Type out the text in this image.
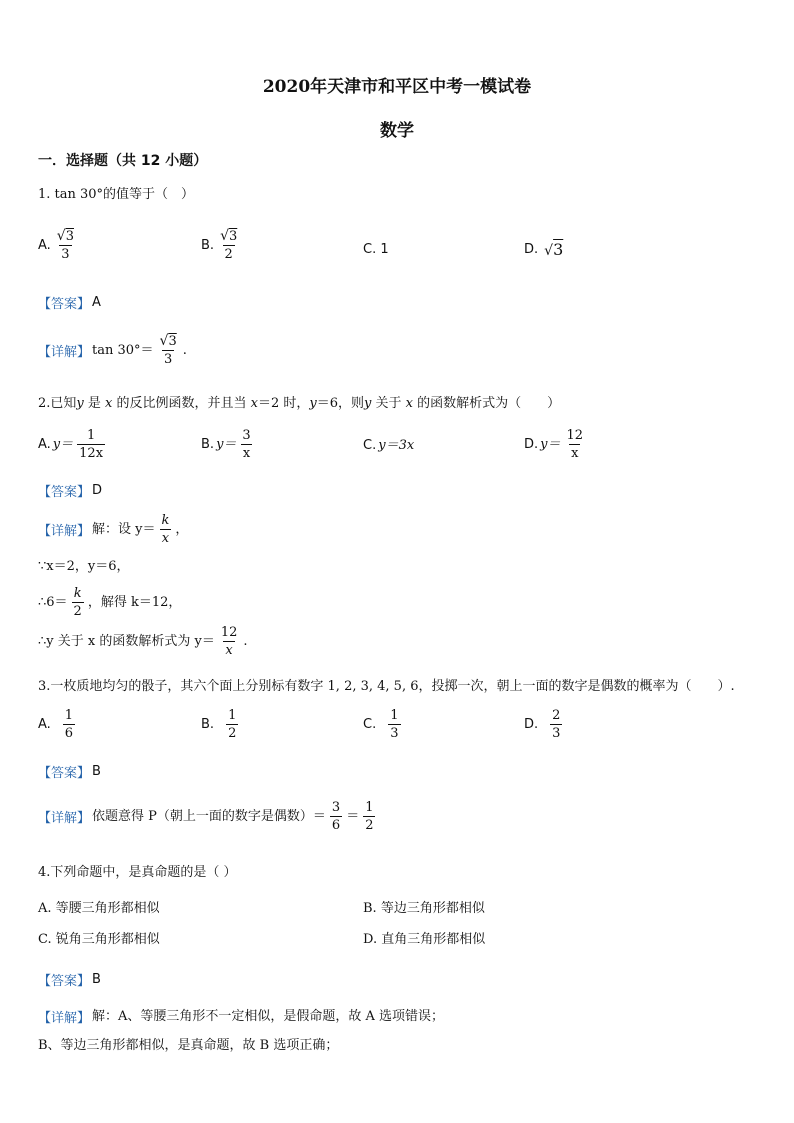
2020年天津市和平区中考一模试卷
数学
一．选择题（共 12 小题）
1. tan 30°的值等于（　）
A. $\frac{√3}{3}$	B. $\frac{√3}{2}$	C. 1	D. √3
【答案】 A
【详解】 $\tan 30^\circ= \frac{√3}{3}$ .
2.已知y 是 x 的反比例函数，并且当 x＝2 时，y＝6，则y 关于 x 的函数解析式为（　　）
A. $y= \frac{1}{12x}$	B. $y= \frac{3}{x}$	C. y＝3x	D. $y= \frac{12}{x}$
【答案】 D
【详解】 解：设 $y= \frac{k}{x}$ ，
∵x＝2，y＝6，
∴6＝ $\frac{k}{2}$ ，解得 k＝12，
∴y 关于 x 的函数解析式为 $y= \frac{12}{x}$ .
3.一枚质地均匀的骰子，其六个面上分别标有数字 1, 2, 3, 4, 5, 6，投掷一次，朝上一面的数字是偶数的概率为（　　）.
A. $\frac{1}{6}$	B. $\frac{1}{2}$	C. $\frac{1}{3}$	D. $\frac{2}{3}$
【答案】 B
【详解】 依题意得 P（朝上一面的数字是偶数）＝ $\frac{3}{6} = \frac{1}{2}$
4.下列命题中，是真命题的是（ ）
A. 等腰三角形都相似	B. 等边三角形都相似
C. 锐角三角形都相似	D. 直角三角形都相似
【答案】 B
【详解】 解：A、等腰三角形不一定相似，是假命题，故 A 选项错误；
B、等边三角形都相似，是真命题，故 B 选项正确；
